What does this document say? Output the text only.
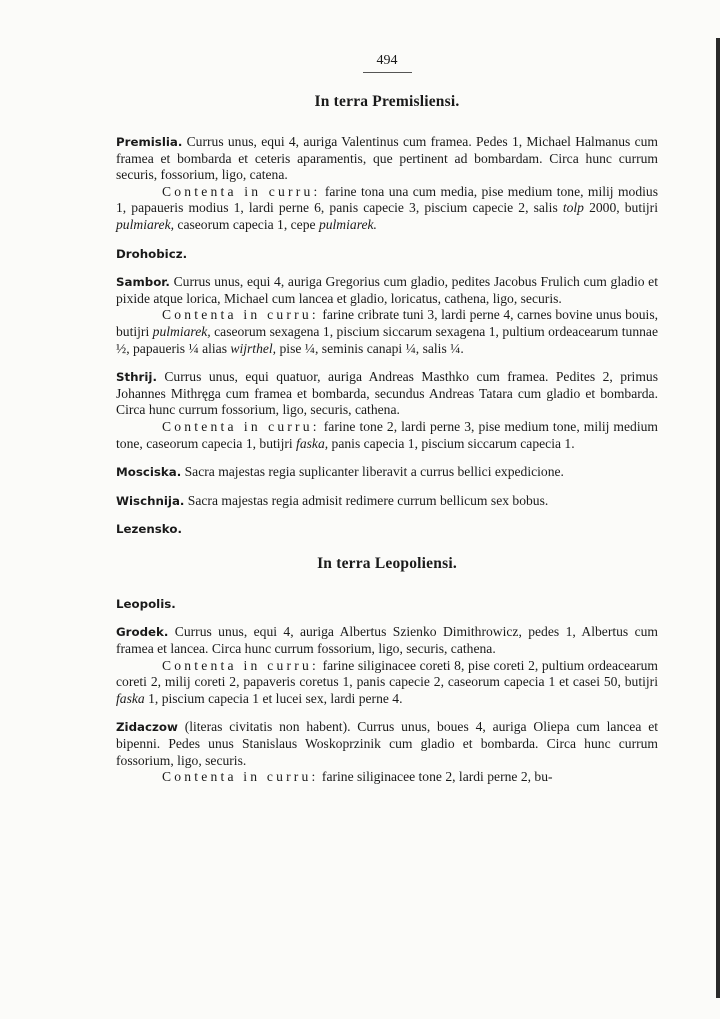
494
In terra Premisliensi.

Premislia. Currus unus, equi 4, auriga Valentinus cum framea. Pedes 1, Michael Halmanus cum framea et bombarda et ceteris aparamentis, que pertinent ad bombardam. Circa hunc currum securis, fossorium, ligo, catena.

Contenta in curru: farine tona una cum media, pise medium tone, milij modius 1, papaueris modius 1, lardi perne 6, panis capecie 3, piscium capecie 2, salis tolp 2000, butijri pulmiarek, caseorum capecia 1, cepe pulmiarek.

Drohobicz.

Sambor. Currus unus, equi 4, auriga Gregorius cum gladio, pedites Jacobus Frulich cum gladio et pixide atque lorica, Michael cum lancea et gladio, loricatus, cathena, ligo, securis.

Contenta in curru: farine cribrate tuni 3, lardi perne 4, carnes bovine unus bouis, butijri pulmiarek, caseorum sexagena 1, piscium siccarum sexagena 1, pultium ordeacearum tunnae ½, papaueris ¼ alias wijrthel, pise ¼, seminis canapi ¼, salis ¼.

Sthrij. Currus unus, equi quatuor, auriga Andreas Masthko cum framea. Pedites 2, primus Johannes Mithręga cum framea et bombarda, secundus Andreas Tatara cum gladio et bombarda. Circa hunc currum fossorium, ligo, securis, cathena.

Contenta in curru: farine tone 2, lardi perne 3, pise medium tone, milij medium tone, caseorum capecia 1, butijri faska, panis capecia 1, piscium siccarum capecia 1.

Mosciska. Sacra majestas regia suplicanter liberavit a currus bellici expedicione.

Wischnija. Sacra majestas regia admisit redimere currum bellicum sex bobus.

Lezensko.

In terra Leopoliensi.

Leopolis.

Grodek. Currus unus, equi 4, auriga Albertus Szienko Dimithrowicz, pedes 1, Albertus cum framea et lancea. Circa hunc currum fossorium, ligo, securis, cathena.

Contenta in curru: farine siliginacee coreti 8, pise coreti 2, pultium ordeacearum coreti 2, milij coreti 2, papaveris coretus 1, panis capecie 2, caseorum capecia 1 et casei 50, butijri faska 1, piscium capecia 1 et lucei sex, lardi perne 4.

Zidaczow (literas civitatis non habent). Currus unus, boues 4, auriga Oliepa cum lancea et bipenni. Pedes unus Stanislaus Woskoprzinik cum gladio et bombarda. Circa hunc currum fossorium, ligo, securis.

Contenta in curru: farine siliginacee tone 2, lardi perne 2, bu-
